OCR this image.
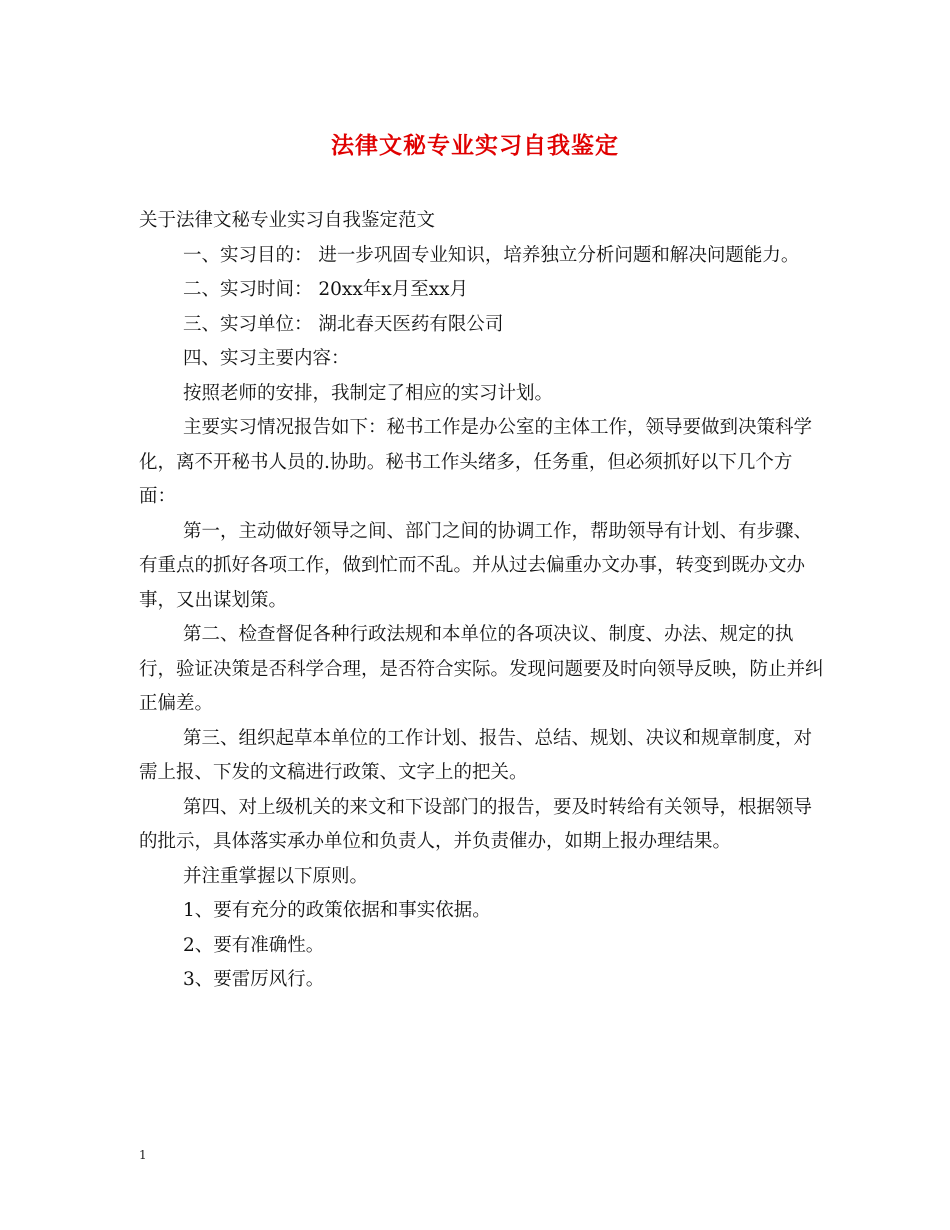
法律文秘专业实习自我鉴定

关于法律文秘专业实习自我鉴定范文

一、实习目的： 进一步巩固专业知识，培养独立分析问题和解决问题能力。

二、实习时间： 20xx年x月至xx月

三、实习单位： 湖北春天医药有限公司

四、实习主要内容：

按照老师的安排，我制定了相应的实习计划。

主要实习情况报告如下：秘书工作是办公室的主体工作，领导要做到决策科学化，离不开秘书人员的.协助。秘书工作头绪多，任务重，但必须抓好以下几个方面：

第一，主动做好领导之间、部门之间的协调工作，帮助领导有计划、有步骤、有重点的抓好各项工作，做到忙而不乱。并从过去偏重办文办事，转变到既办文办事，又出谋划策。

第二、检查督促各种行政法规和本单位的各项决议、制度、办法、规定的执行，验证决策是否科学合理，是否符合实际。发现问题要及时向领导反映，防止并纠正偏差。

第三、组织起草本单位的工作计划、报告、总结、规划、决议和规章制度，对需上报、下发的文稿进行政策、文字上的把关。

第四、对上级机关的来文和下设部门的报告，要及时转给有关领导，根据领导的批示，具体落实承办单位和负责人，并负责催办，如期上报办理结果。

并注重掌握以下原则。

1、要有充分的政策依据和事实依据。

2、要有准确性。

3、要雷厉风行。

1
